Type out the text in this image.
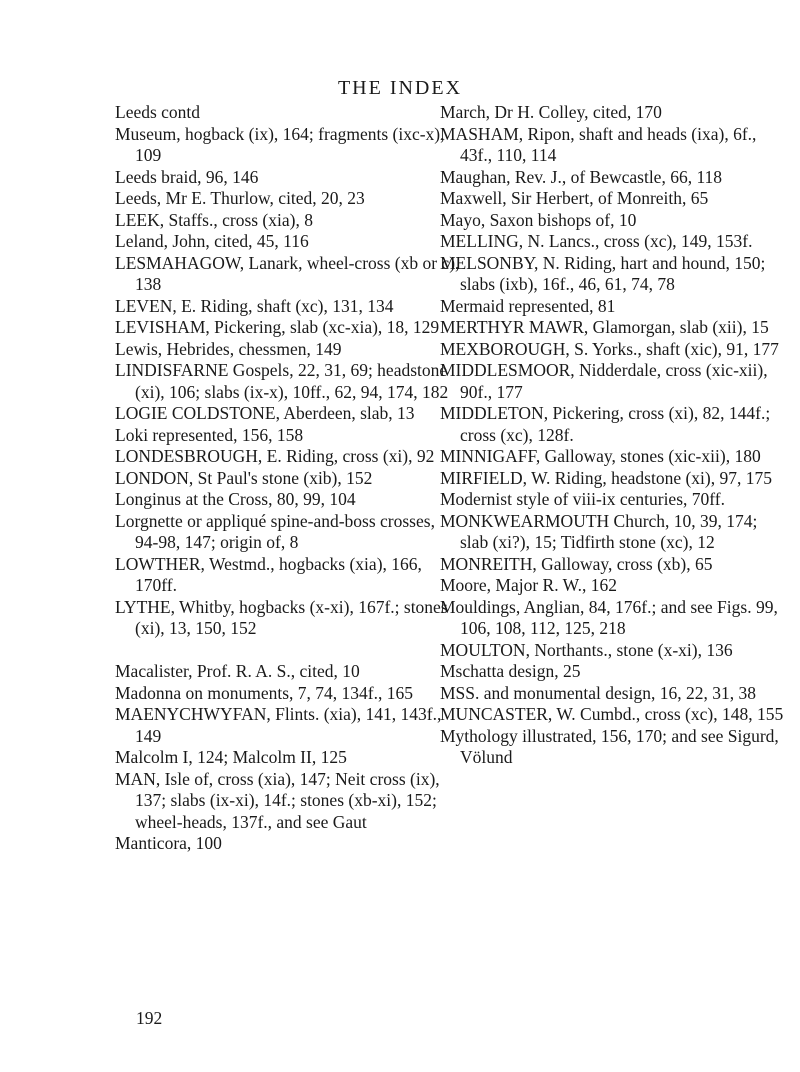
THE INDEX
Leeds contd
Museum, hogback (ix), 164; fragments (ixc-x), 109
Leeds braid, 96, 146
Leeds, Mr E. Thurlow, cited, 20, 23
LEEK, Staffs., cross (xia), 8
Leland, John, cited, 45, 116
LESMAHAGOW, Lanark, wheel-cross (xb or c), 138
LEVEN, E. Riding, shaft (xc), 131, 134
LEVISHAM, Pickering, slab (xc-xia), 18, 129
Lewis, Hebrides, chessmen, 149
LINDISFARNE Gospels, 22, 31, 69; headstone (xi), 106; slabs (ix-x), 10ff., 62, 94, 174, 182
LOGIE COLDSTONE, Aberdeen, slab, 13
Loki represented, 156, 158
LONDESBROUGH, E. Riding, cross (xi), 92
LONDON, St Paul's stone (xib), 152
Longinus at the Cross, 80, 99, 104
Lorgnette or appliqué spine-and-boss crosses, 94-98, 147; origin of, 8
LOWTHER, Westmd., hogbacks (xia), 166, 170ff.
LYTHE, Whitby, hogbacks (x-xi), 167f.; stones (xi), 13, 150, 152
Macalister, Prof. R. A. S., cited, 10
Madonna on monuments, 7, 74, 134f., 165
MAENYCHWYFAN, Flints. (xia), 141, 143f., 149
Malcolm I, 124; Malcolm II, 125
MAN, Isle of, cross (xia), 147; Neit cross (ix), 137; slabs (ix-xi), 14f.; stones (xb-xi), 152; wheel-heads, 137f., and see Gaut
Manticora, 100
March, Dr H. Colley, cited, 170
MASHAM, Ripon, shaft and heads (ixa), 6f., 43f., 110, 114
Maughan, Rev. J., of Bewcastle, 66, 118
Maxwell, Sir Herbert, of Monreith, 65
Mayo, Saxon bishops of, 10
MELLING, N. Lancs., cross (xc), 149, 153f.
MELSONBY, N. Riding, hart and hound, 150; slabs (ixb), 16f., 46, 61, 74, 78
Mermaid represented, 81
MERTHYR MAWR, Glamorgan, slab (xii), 15
MEXBOROUGH, S. Yorks., shaft (xic), 91, 177
MIDDLESMOOR, Nidderdale, cross (xic-xii), 90f., 177
MIDDLETON, Pickering, cross (xi), 82, 144f.; cross (xc), 128f.
MINNIGAFF, Galloway, stones (xic-xii), 180
MIRFIELD, W. Riding, headstone (xi), 97, 175
Modernist style of viii-ix centuries, 70ff.
MONKWEARMOUTH Church, 10, 39, 174; slab (xi?), 15; Tidfirth stone (xc), 12
MONREITH, Galloway, cross (xb), 65
Moore, Major R. W., 162
Mouldings, Anglian, 84, 176f.; and see Figs. 99, 106, 108, 112, 125, 218
MOULTON, Northants., stone (x-xi), 136
Mschatta design, 25
MSS. and monumental design, 16, 22, 31, 38
MUNCASTER, W. Cumbd., cross (xc), 148, 155
Mythology illustrated, 156, 170; and see Sigurd, Völund
192
